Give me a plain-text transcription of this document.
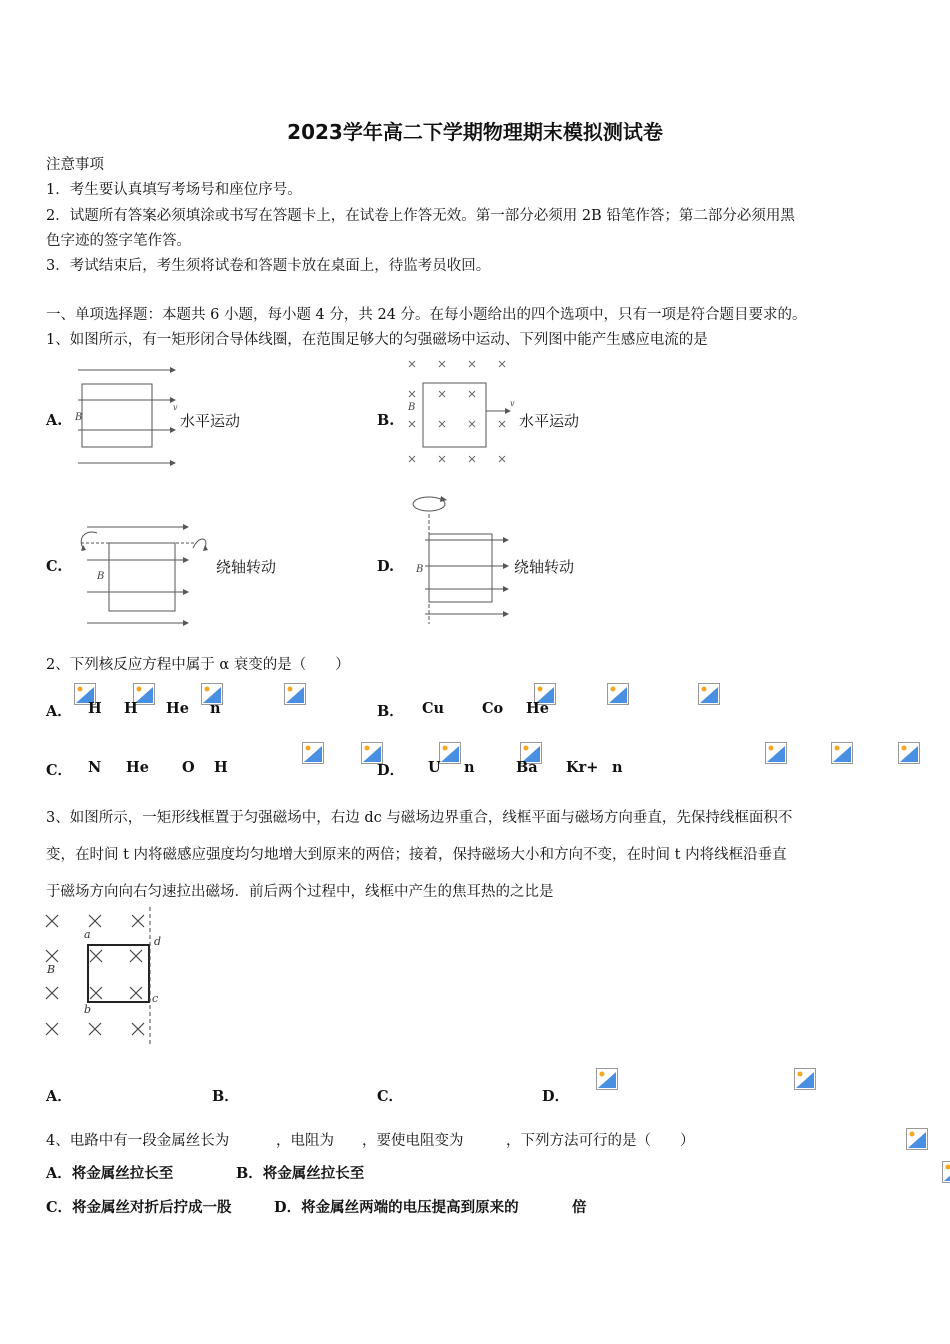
2023学年高二下学期物理期末模拟测试卷
注意事项
1．考生要认真填写考场号和座位序号。
2．试题所有答案必须填涂或书写在答题卡上，在试卷上作答无效。第一部分必须用 2B 铅笔作答；第二部分必须用黑
色字迹的签字笔作答。
3．考试结束后，考生须将试卷和答题卡放在桌面上，待监考员收回。
一、单项选择题：本题共 6 小题，每小题 4 分，共 24 分。在每小题给出的四个选项中，只有一项是符合题目要求的。
1、如图所示，有一矩形闭合导体线圈，在范围足够大的匀强磁场中运动、下列图中能产生感应电流的是
A. B
v
水平运动	B.
B	v
水平运动
C.
B
绕轴转动	D. B	绕轴转动
2、下列核反应方程中属于 α 衰变的是（　　）
A．
H
H
He
n	B．
Cu
	Co
He
C．
N
He
O
H	D．
U
n
	Ba
Kr+
n
3、如图所示，一矩形线框置于匀强磁场中，右边 dc 与磁场边界重合，线框平面与磁场方向垂直，先保持线框面积不
变，在时间 t 内将磁感应强度均匀地增大到原来的两倍；接着，保持磁场大小和方向不变，在时间 t 内将线框沿垂直
于磁场方向向右匀速拉出磁场．前后两个过程中，线框中产生的焦耳热的之比是
a
d
c
b
B
A．
	B．
	C．
	D．

4、电路中有一段金属丝长为
	，电阻为
，要使电阻变为
	，下列方法可行的是（　　）
A．将金属丝拉长至
	B．将金属丝拉长至

C．将金属丝对折后拧成一股	D．将金属丝两端的电压提高到原来的	倍
